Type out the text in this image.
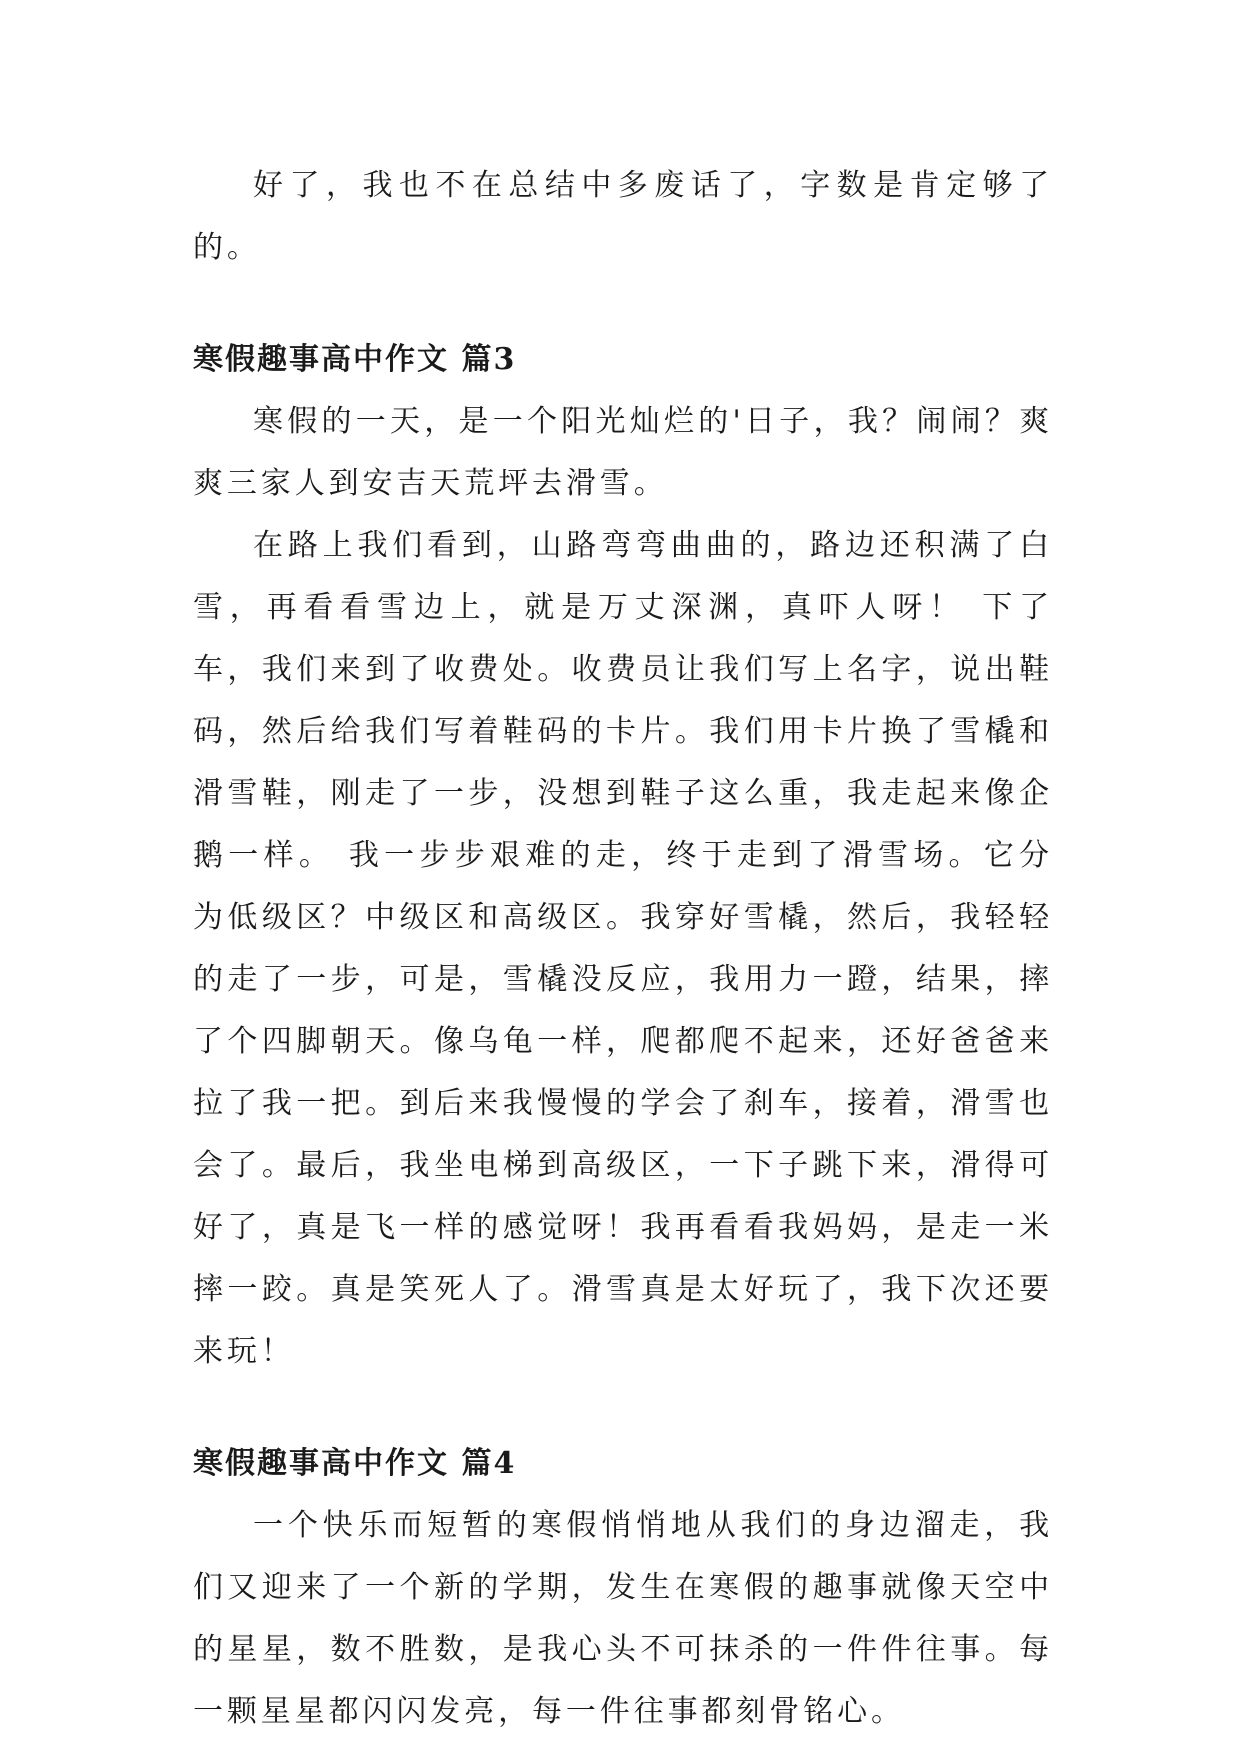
好了，我也不在总结中多废话了，字数是肯定够了的。

寒假趣事高中作文 篇3

寒假的一天，是一个阳光灿烂的'日子，我？闹闹？爽爽三家人到安吉天荒坪去滑雪。

在路上我们看到，山路弯弯曲曲的，路边还积满了白雪，再看看雪边上，就是万丈深渊，真吓人呀！ 下了车，我们来到了收费处。收费员让我们写上名字，说出鞋码，然后给我们写着鞋码的卡片。我们用卡片换了雪橇和滑雪鞋，刚走了一步，没想到鞋子这么重，我走起来像企鹅一样。 我一步步艰难的走，终于走到了滑雪场。它分为低级区？中级区和高级区。我穿好雪橇，然后，我轻轻的走了一步，可是，雪橇没反应，我用力一蹬，结果，摔了个四脚朝天。像乌龟一样，爬都爬不起来，还好爸爸来拉了我一把。到后来我慢慢的学会了刹车，接着，滑雪也会了。最后，我坐电梯到高级区，一下子跳下来，滑得可好了，真是飞一样的感觉呀！我再看看我妈妈，是走一米摔一跤。真是笑死人了。滑雪真是太好玩了，我下次还要来玩！

寒假趣事高中作文 篇4

一个快乐而短暂的寒假悄悄地从我们的身边溜走，我们又迎来了一个新的学期，发生在寒假的趣事就像天空中的星星，数不胜数，是我心头不可抹杀的一件件往事。每一颗星星都闪闪发亮，每一件往事都刻骨铭心。
